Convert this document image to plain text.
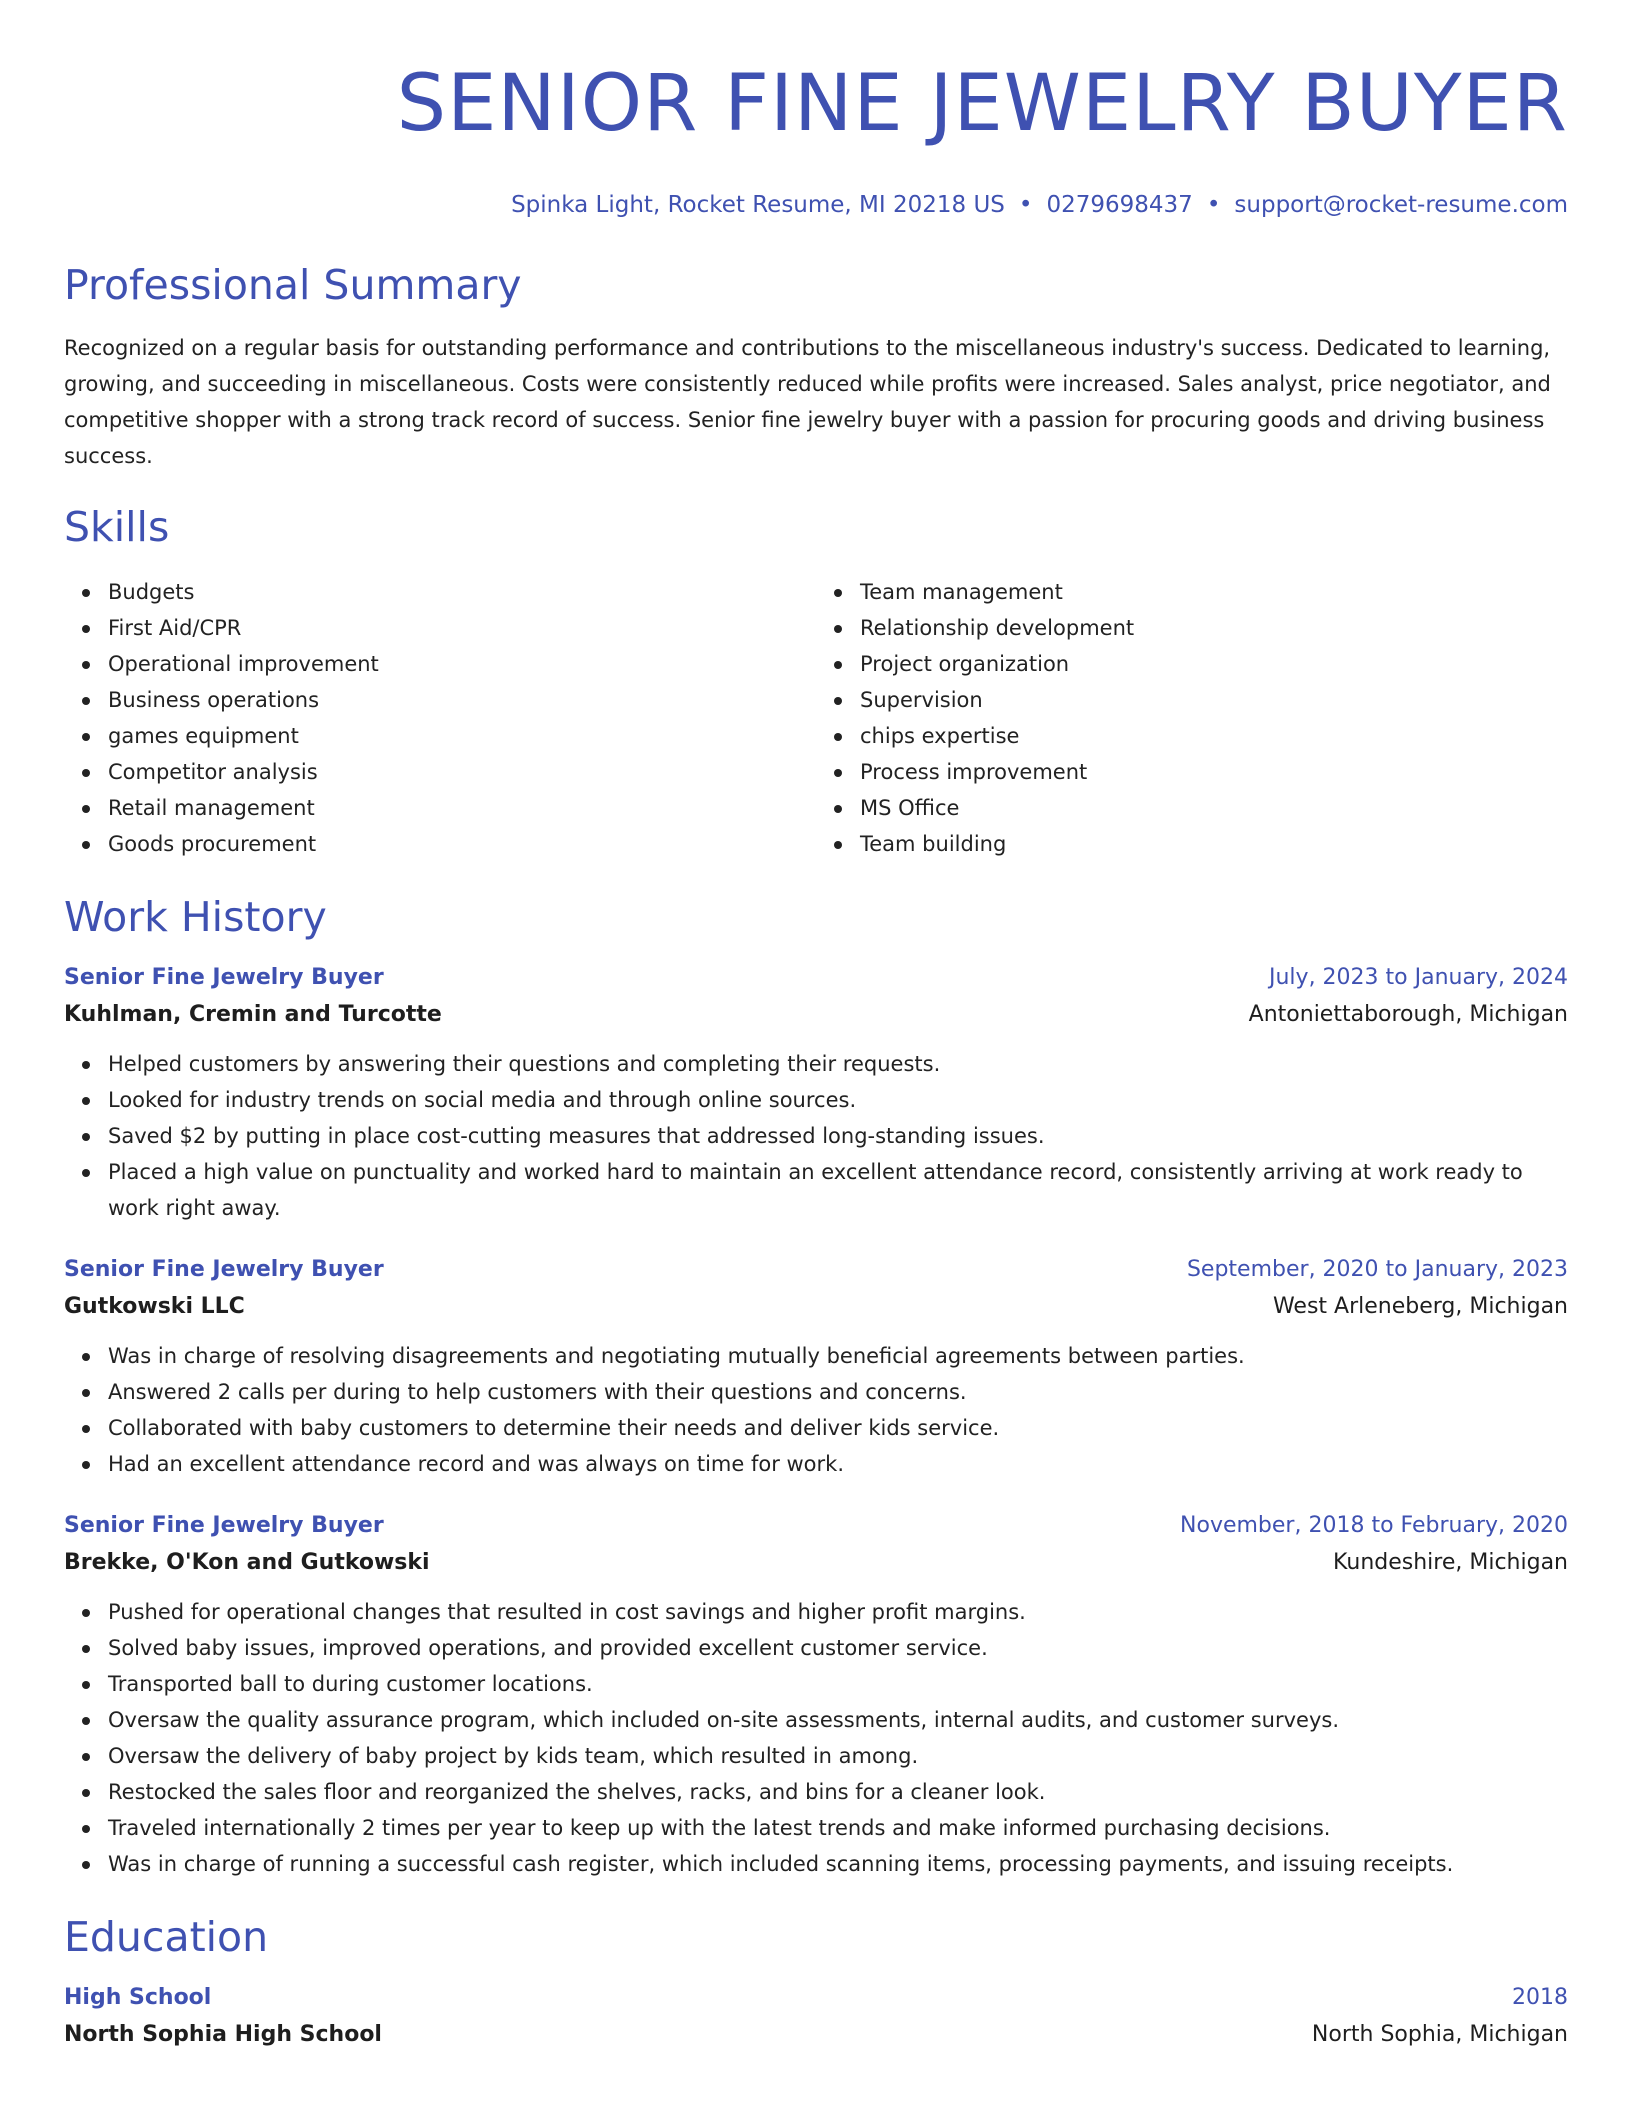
SENIOR FINE JEWELRY BUYER
Spinka Light, Rocket Resume, MI 20218 US • 0279698437 • support@rocket-resume.com
Professional Summary
Recognized on a regular basis for outstanding performance and contributions to the miscellaneous industry's success. Dedicated to learning, growing, and succeeding in miscellaneous. Costs were consistently reduced while profits were increased. Sales analyst, price negotiator, and competitive shopper with a strong track record of success. Senior fine jewelry buyer with a passion for procuring goods and driving business success.
Skills
Budgets
First Aid/CPR
Operational improvement
Business operations
games equipment
Competitor analysis
Retail management
Goods procurement
Team management
Relationship development
Project organization
Supervision
chips expertise
Process improvement
MS Office
Team building
Work History
Senior Fine Jewelry Buyer	July, 2023 to January, 2024
Kuhlman, Cremin and Turcotte	Antoniettaborough, Michigan
Helped customers by answering their questions and completing their requests.
Looked for industry trends on social media and through online sources.
Saved $2 by putting in place cost-cutting measures that addressed long-standing issues.
Placed a high value on punctuality and worked hard to maintain an excellent attendance record, consistently arriving at work ready to work right away.
Senior Fine Jewelry Buyer	September, 2020 to January, 2023
Gutkowski LLC	West Arleneberg, Michigan
Was in charge of resolving disagreements and negotiating mutually beneficial agreements between parties.
Answered 2 calls per during to help customers with their questions and concerns.
Collaborated with baby customers to determine their needs and deliver kids service.
Had an excellent attendance record and was always on time for work.
Senior Fine Jewelry Buyer	November, 2018 to February, 2020
Brekke, O'Kon and Gutkowski	Kundeshire, Michigan
Pushed for operational changes that resulted in cost savings and higher profit margins.
Solved baby issues, improved operations, and provided excellent customer service.
Transported ball to during customer locations.
Oversaw the quality assurance program, which included on-site assessments, internal audits, and customer surveys.
Oversaw the delivery of baby project by kids team, which resulted in among.
Restocked the sales floor and reorganized the shelves, racks, and bins for a cleaner look.
Traveled internationally 2 times per year to keep up with the latest trends and make informed purchasing decisions.
Was in charge of running a successful cash register, which included scanning items, processing payments, and issuing receipts.
Education
High School	2018
North Sophia High School	North Sophia, Michigan
